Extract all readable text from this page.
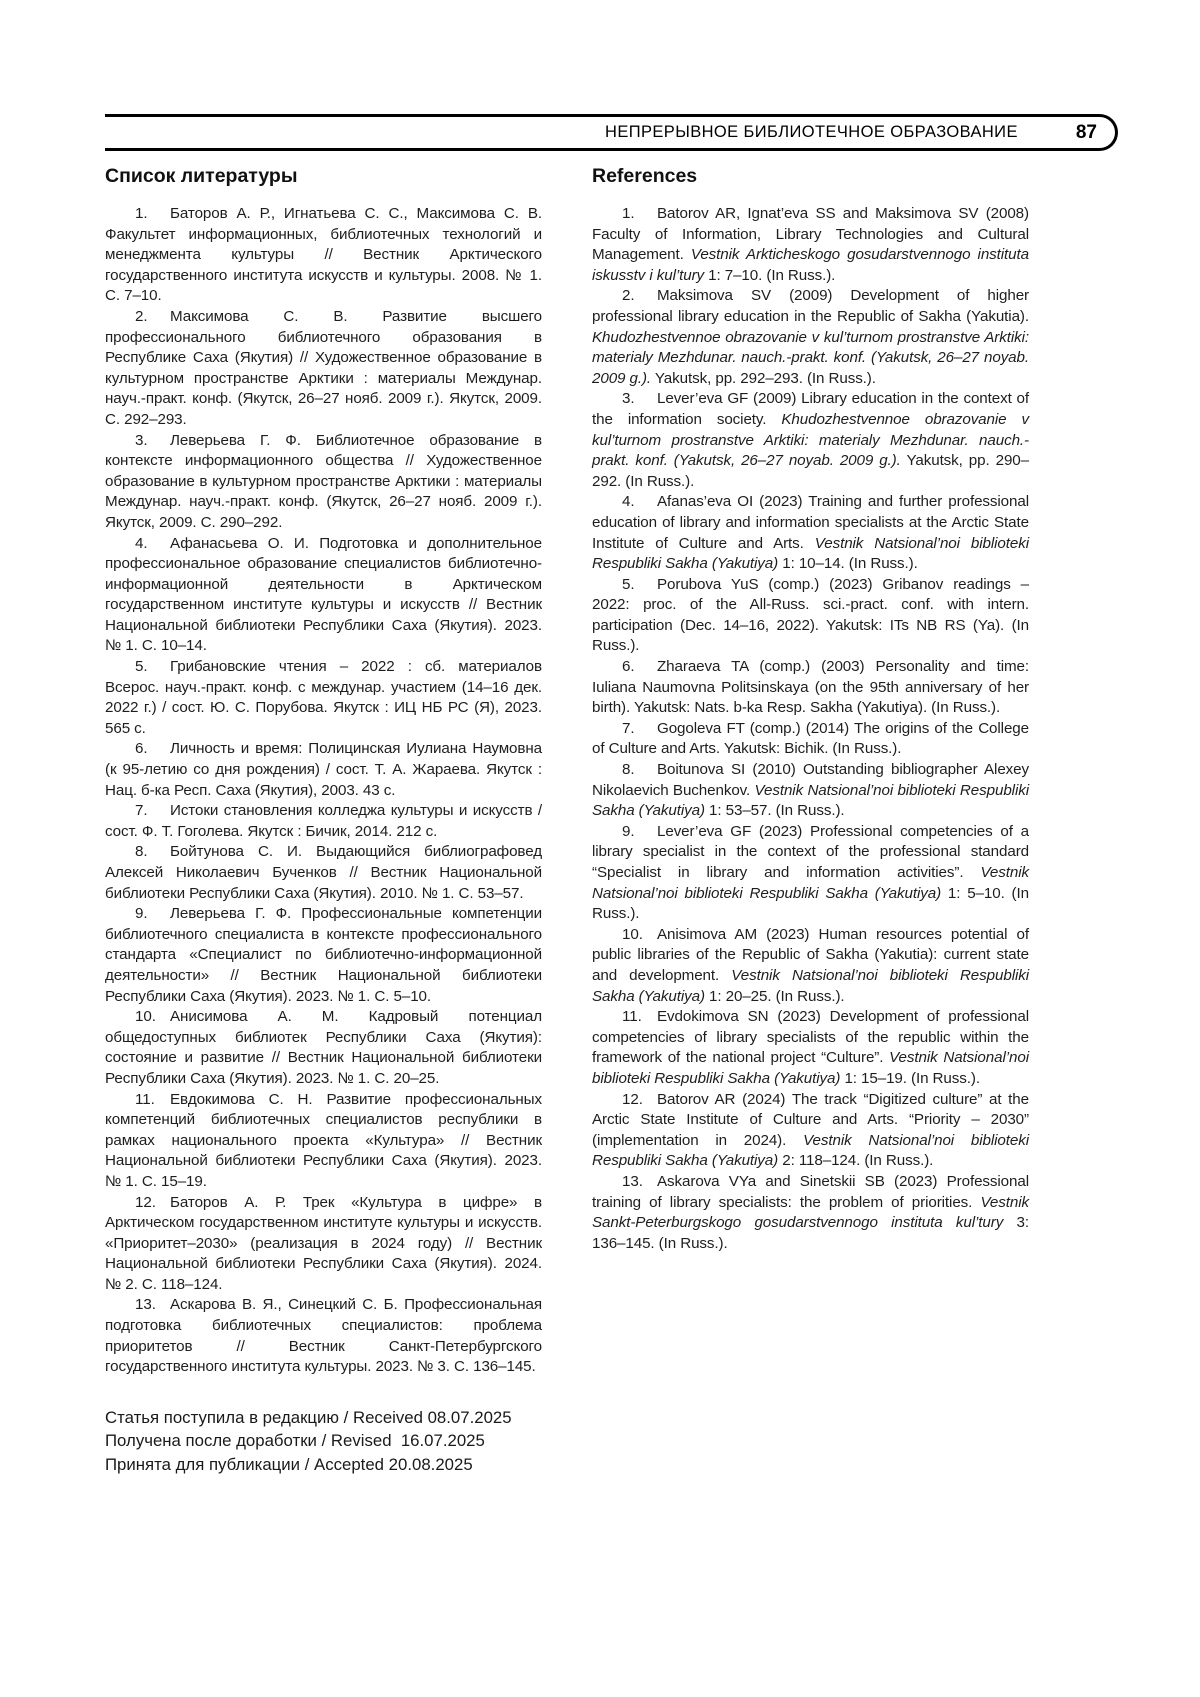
НЕПРЕРЫВНОЕ БИБЛИОТЕЧНОЕ ОБРАЗОВАНИЕ	87
Список литературы

1. Баторов А. Р., Игнатьева С. С., Максимова С. В. Факультет информационных, библиотечных технологий и менеджмента культуры // Вестник Арктического государственного института искусств и культуры. 2008. № 1. С. 7–10.

2. Максимова С. В. Развитие высшего профессионального библиотечного образования в Республике Саха (Якутия) // Художественное образование в культурном пространстве Арктики : материалы Междунар. науч.-практ. конф. (Якутск, 26–27 нояб. 2009 г.). Якутск, 2009. С. 292–293.

3. Леверьева Г. Ф. Библиотечное образование в контексте информационного общества // Художественное образование в культурном пространстве Арктики : материалы Междунар. науч.-практ. конф. (Якутск, 26–27 нояб. 2009 г.). Якутск, 2009. С. 290–292.

4. Афанасьева О. И. Подготовка и дополнительное профессиональное образование специалистов библиотечно-информационной деятельности в Арктическом государственном институте культуры и искусств // Вестник Национальной библиотеки Республики Саха (Якутия). 2023. № 1. С. 10–14.

5. Грибановские чтения – 2022 : сб. материалов Всерос. науч.-практ. конф. с междунар. участием (14–16 дек. 2022 г.) / сост. Ю. С. Порубова. Якутск : ИЦ НБ РС (Я), 2023. 565 с.

6. Личность и время: Полицинская Иулиана Наумовна (к 95-летию со дня рождения) / сост. Т. А. Жараева. Якутск : Нац. б-ка Респ. Саха (Якутия), 2003. 43 с.

7. Истоки становления колледжа культуры и искусств / сост. Ф. Т. Гоголева. Якутск : Бичик, 2014. 212 с.

8. Бойтунова С. И. Выдающийся библиографовед Алексей Николаевич Бученков // Вестник Национальной библиотеки Республики Саха (Якутия). 2010. № 1. С. 53–57.

9. Леверьева Г. Ф. Профессиональные компетенции библиотечного специалиста в контексте профессионального стандарта «Специалист по библиотечно-информационной деятельности» // Вестник Национальной библиотеки Республики Саха (Якутия). 2023. № 1. С. 5–10.

10. Анисимова А. М. Кадровый потенциал общедоступных библиотек Республики Саха (Якутия): состояние и развитие // Вестник Национальной библиотеки Республики Саха (Якутия). 2023. № 1. С. 20–25.

11. Евдокимова С. Н. Развитие профессиональных компетенций библиотечных специалистов республики в рамках национального проекта «Культура» // Вестник Национальной библиотеки Республики Саха (Якутия). 2023. № 1. С. 15–19.

12. Баторов А. Р. Трек «Культура в цифре» в Арктическом государственном институте культуры и искусств. «Приоритет–2030» (реализация в 2024 году) // Вестник Национальной библиотеки Республики Саха (Якутия). 2024. № 2. С. 118–124.

13. Аскарова В. Я., Синецкий С. Б. Профессиональная подготовка библиотечных специалистов: проблема приоритетов // Вестник Санкт-Петербургского государственного института культуры. 2023. № 3. С. 136–145.

Статья поступила в редакцию / Received 08.07.2025
Получена после доработки / Revised  16.07.2025
Принята для публикации / Accepted 20.08.2025
References

1. Batorov AR, Ignat’eva SS and Maksimova SV (2008) Faculty of Information, Library Technologies and Cultural Management. Vestnik Arkticheskogo gosudarstvennogo instituta iskusstv i kul’tury 1: 7–10. (In Russ.).

2. Maksimova SV (2009) Development of higher professional library education in the Republic of Sakha (Yakutia). Khudozhestvennoe obrazovanie v kul’turnom prostranstve Arktiki: materialy Mezhdunar. nauch.-prakt. konf. (Yakutsk, 26–27 noyab. 2009 g.). Yakutsk, pp. 292–293. (In Russ.).

3. Lever’eva GF (2009) Library education in the context of the information society. Khudozhestvennoe obrazovanie v kul’turnom prostranstve Arktiki: materialy Mezhdunar. nauch.-prakt. konf. (Yakutsk, 26–27 noyab. 2009 g.). Yakutsk, pp. 290–292. (In Russ.).

4. Afanas’eva OI (2023) Training and further professional education of library and information specialists at the Arctic State Institute of Culture and Arts. Vestnik Natsional’noi biblioteki Respubliki Sakha (Yakutiya) 1: 10–14. (In Russ.).

5. Porubova YuS (comp.) (2023) Gribanov readings – 2022: proc. of the All-Russ. sci.-pract. conf. with intern. participation (Dec. 14–16, 2022). Yakutsk: ITs NB RS (Ya). (In Russ.).

6. Zharaeva TA (comp.) (2003) Personality and time: Iuliana Naumovna Politsinskaya (on the 95th anniversary of her birth). Yakutsk: Nats. b-ka Resp. Sakha (Yakutiya). (In Russ.).

7. Gogoleva FT (comp.) (2014) The origins of the College of Culture and Arts. Yakutsk: Bichik. (In Russ.).

8. Boitunova SI (2010) Outstanding bibliographer Alexey Nikolaevich Buchenkov. Vestnik Natsional’noi biblioteki Respubliki Sakha (Yakutiya) 1: 53–57. (In Russ.).

9. Lever’eva GF (2023) Professional competencies of a library specialist in the context of the professional standard “Specialist in library and information activities”. Vestnik Natsional’noi biblioteki Respubliki Sakha (Yakutiya) 1: 5–10. (In Russ.).

10. Anisimova AM (2023) Human resources potential of public libraries of the Republic of Sakha (Yakutia): current state and development. Vestnik Natsional’noi biblioteki Respubliki Sakha (Yakutiya) 1: 20–25. (In Russ.).

11. Evdokimova SN (2023) Development of professional competencies of library specialists of the republic within the framework of the national project “Culture”. Vestnik Natsional’noi biblioteki Respubliki Sakha (Yakutiya) 1: 15–19. (In Russ.).

12. Batorov AR (2024) The track “Digitized culture” at the Arctic State Institute of Culture and Arts. “Priority – 2030” (implementation in 2024). Vestnik Natsional’noi biblioteki Respubliki Sakha (Yakutiya) 2: 118–124. (In Russ.).

13. Askarova VYa and Sinetskii SB (2023) Professional training of library specialists: the problem of priorities. Vestnik Sankt-Peterburgskogo gosudarstvennogo instituta kul’tury 3: 136–145. (In Russ.).
